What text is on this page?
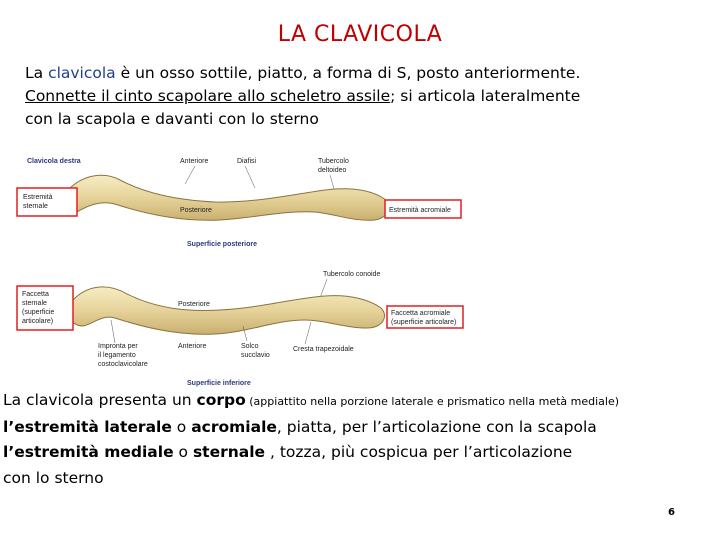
LA CLAVICOLA
La clavicola è un osso sottile, piatto, a forma di S, posto anteriormente.
Connette il cinto scapolare allo scheletro assile; si articola lateralmente
con la scapola e davanti con lo sterno
Clavicola destra	Anteriore	Diafisi	Tubercolo
deltoideo
Estremità
sternale
Posteriore	Estremità acromiale
Superficie posteriore
Tubercolo conoide
Faccetta
sternale
(superficie
articolare)
Posteriore
Faccetta acromiale
(superficie articolare)
Impronta per
il legamento
costoclavicolare
Anteriore	Solco
succlavio
Cresta trapezoidale
Superficie inferiore
La clavicola presenta un corpo (appiattito nella porzione laterale e prismatico nella metà mediale)
l’estremità laterale o acromiale, piatta, per l’articolazione con la scapola
l’estremità mediale o sternale , tozza, più cospicua per l’articolazione
con lo sterno
6
